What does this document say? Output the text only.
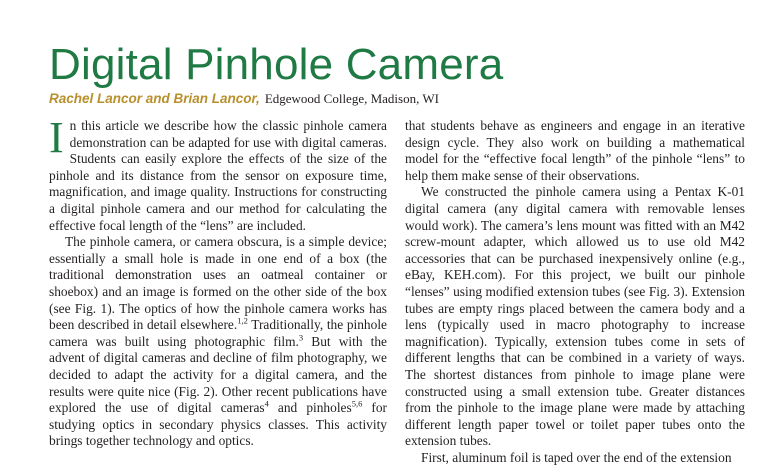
Digital Pinhole Camera
Rachel Lancor and Brian Lancor, Edgewood College, Madison, WI

In this article we describe how the classic pinhole camera demonstration can be adapted for use with digital cameras. Students can easily explore the effects of the size of the pinhole and its distance from the sensor on exposure time, magnification, and image quality. Instructions for constructing a digital pinhole camera and our method for calculating the effective focal length of the “lens” are included.

The pinhole camera, or camera obscura, is a simple device; essentially a small hole is made in one end of a box (the traditional demonstration uses an oatmeal container or shoebox) and an image is formed on the other side of the box (see Fig. 1). The optics of how the pinhole camera works has been described in detail elsewhere.$^{1,2}$ Traditionally, the pinhole camera was built using photographic film.$^3$ But with the advent of digital cameras and decline of film photography, we decided to adapt the activity for a digital camera, and the results were quite nice (Fig. 2). Other recent publications have explored the use of digital cameras$^4$ and pinholes$^{5,6}$ for studying optics in secondary physics classes. This activity brings together technology and optics.

that students behave as engineers and engage in an iterative design cycle. They also work on building a mathematical model for the “effective focal length” of the pinhole “lens” to help them make sense of their observations.

We constructed the pinhole camera using a Pentax K-01 digital camera (any digital camera with removable lenses would work). The camera’s lens mount was fitted with an M42 screw-mount adapter, which allowed us to use old M42 accessories that can be purchased inexpensively online (e.g., eBay, KEH.com). For this project, we built our pinhole “lenses” using modified extension tubes (see Fig. 3). Extension tubes are empty rings placed between the camera body and a lens (typically used in macro photography to increase magnification). Typically, extension tubes come in sets of different lengths that can be combined in a variety of ways. The shortest distances from pinhole to image plane were constructed using a small extension tube. Greater distances from the pinhole to the image plane were made by attaching different length paper towel or toilet paper tubes onto the extension tubes.

First, aluminum foil is taped over the end of the extension
